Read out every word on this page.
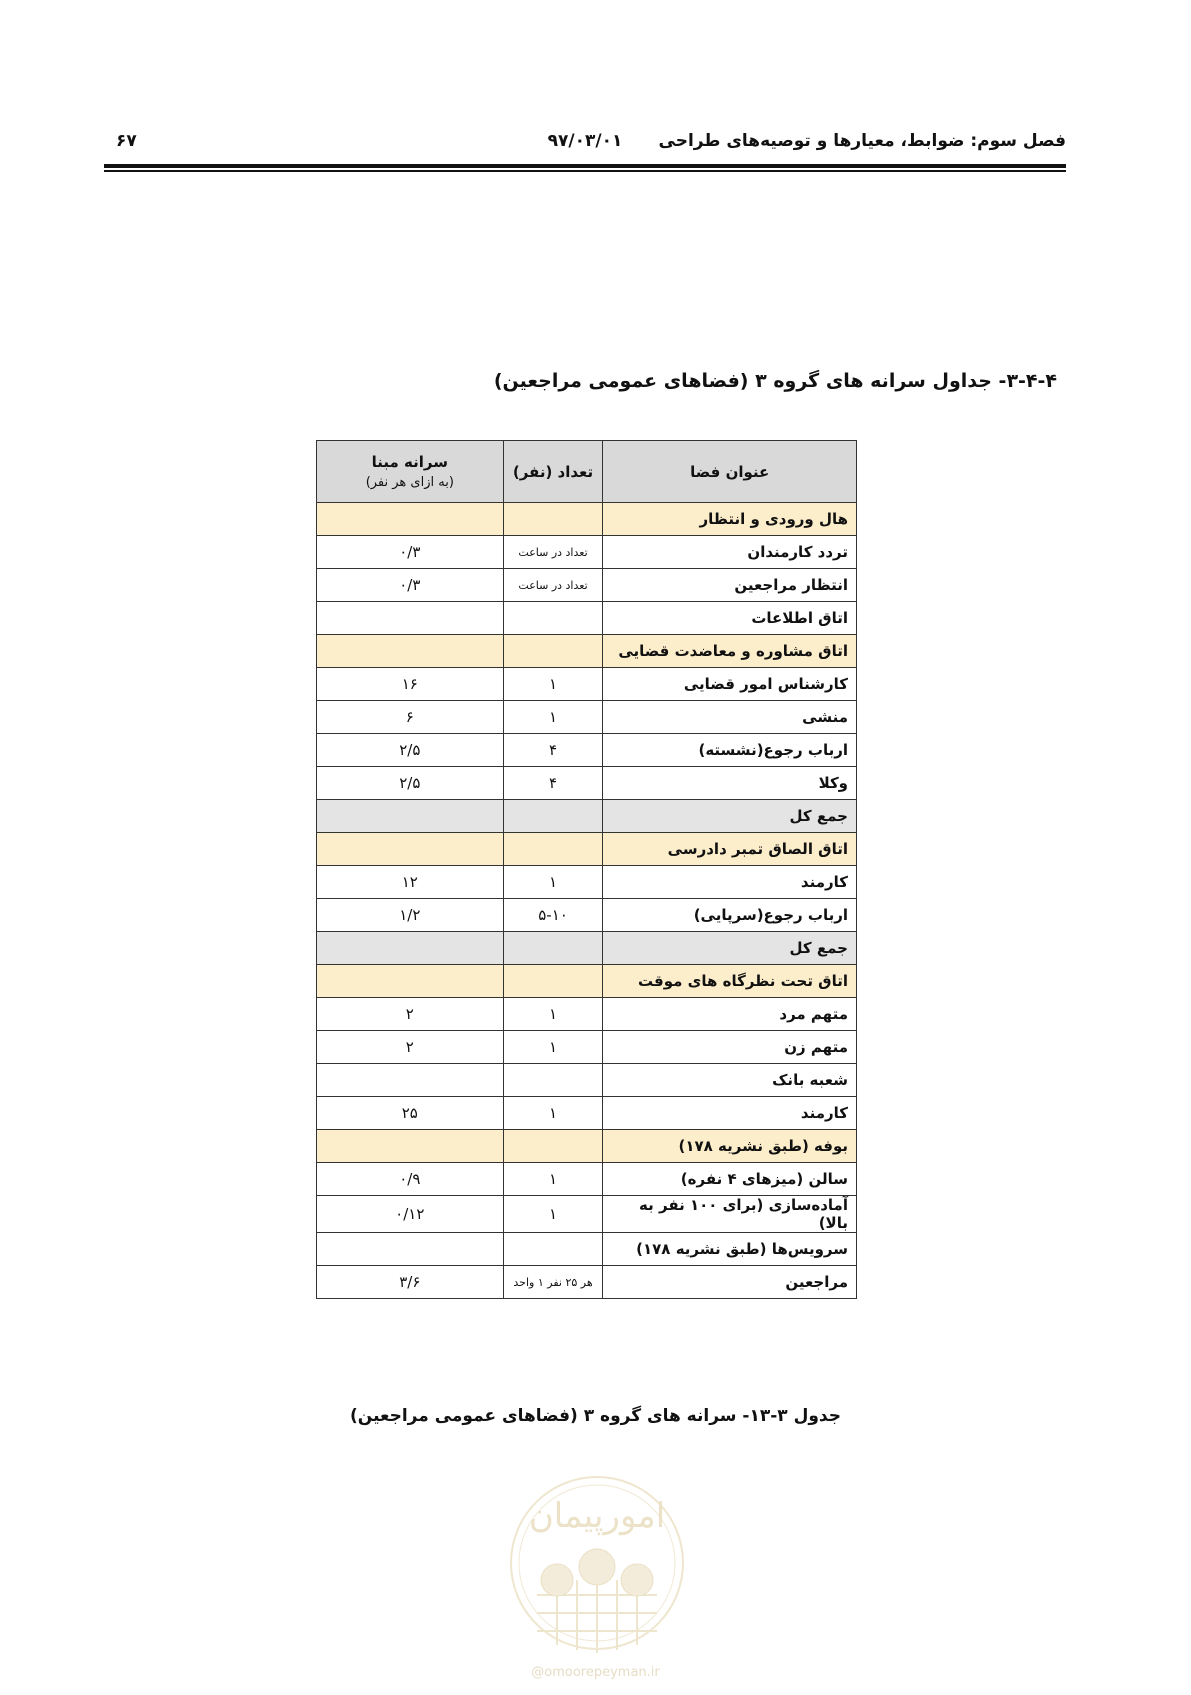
فصل سوم: ضوابط، معیارها و توصیه‌های طراحی
۹۷/۰۳/۰۱
۶۷
۳-۴-۴- جداول سرانه های گروه ۳ (فضاهای عمومی مراجعین)
عنوان فضا	تعداد (نفر)	سرانه مبنا
(به ازای هر نفر)

هال ورودی و انتظار		
تردد کارمندان	تعداد در ساعت	۰/۳
انتظار مراجعین	تعداد در ساعت	۰/۳
اتاق اطلاعات		
اتاق مشاوره و معاضدت قضایی		
کارشناس امور قضایی	۱	۱۶
منشی	۱	۶
ارباب رجوع(نشسته)	۴	۲/۵
وکلا	۴	۲/۵
جمع کل		
اتاق الصاق تمبر دادرسی		
کارمند	۱	۱۲
ارباب رجوع(سرپایی)	۵-۱۰	۱/۲
جمع کل		
اتاق تحت نظرگاه های موقت		
متهم مرد	۱	۲
متهم زن	۱	۲
شعبه بانک		
کارمند	۱	۲۵
بوفه (طبق نشریه ۱۷۸)		
سالن (میزهای ۴ نفره)	۱	۰/۹
آماده‌سازی (برای ۱۰۰ نفر به بالا)	۱	۰/۱۲
سرویس‌ها (طبق نشریه ۱۷۸)		
مراجعین	هر ۲۵ نفر ۱ واحد	۳/۶
جدول ۳-۱۳- سرانه های گروه ۳ (فضاهای عمومی مراجعین)
امورپیمان
@omoorepeyman.ir
